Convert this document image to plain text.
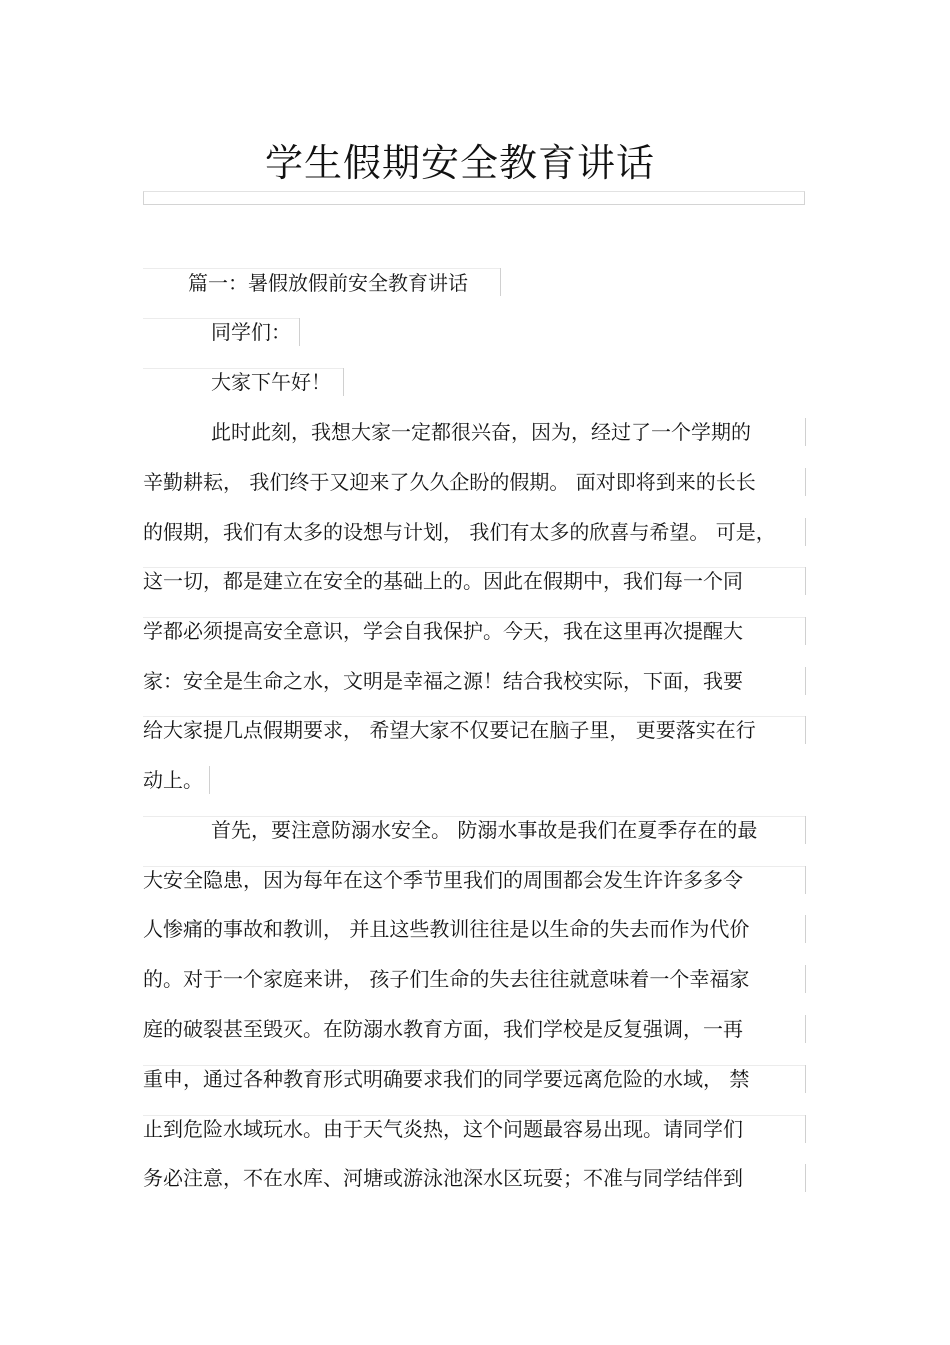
学生假期安全教育讲话
篇一：暑假放假前安全教育讲话
同学们：
大家下午好！
此时此刻，我想大家一定都很兴奋，因为，经过了一个学期的
辛勤耕耘， 我们终于又迎来了久久企盼的假期。 面对即将到来的长长
的假期，我们有太多的设想与计划， 我们有太多的欣喜与希望。 可是，
这一切，都是建立在安全的基础上的。因此在假期中，我们每一个同
学都必须提高安全意识，学会自我保护。今天，我在这里再次提醒大
家：安全是生命之水，文明是幸福之源！结合我校实际，下面，我要
给大家提几点假期要求， 希望大家不仅要记在脑子里， 更要落实在行
动上。
首先，要注意防溺水安全。 防溺水事故是我们在夏季存在的最
大安全隐患，因为每年在这个季节里我们的周围都会发生许许多多令
人惨痛的事故和教训， 并且这些教训往往是以生命的失去而作为代价
的。对于一个家庭来讲， 孩子们生命的失去往往就意味着一个幸福家
庭的破裂甚至毁灭。在防溺水教育方面，我们学校是反复强调，一再
重申，通过各种教育形式明确要求我们的同学要远离危险的水域， 禁
止到危险水域玩水。由于天气炎热，这个问题最容易出现。请同学们
务必注意，不在水库、河塘或游泳池深水区玩耍；不准与同学结伴到
